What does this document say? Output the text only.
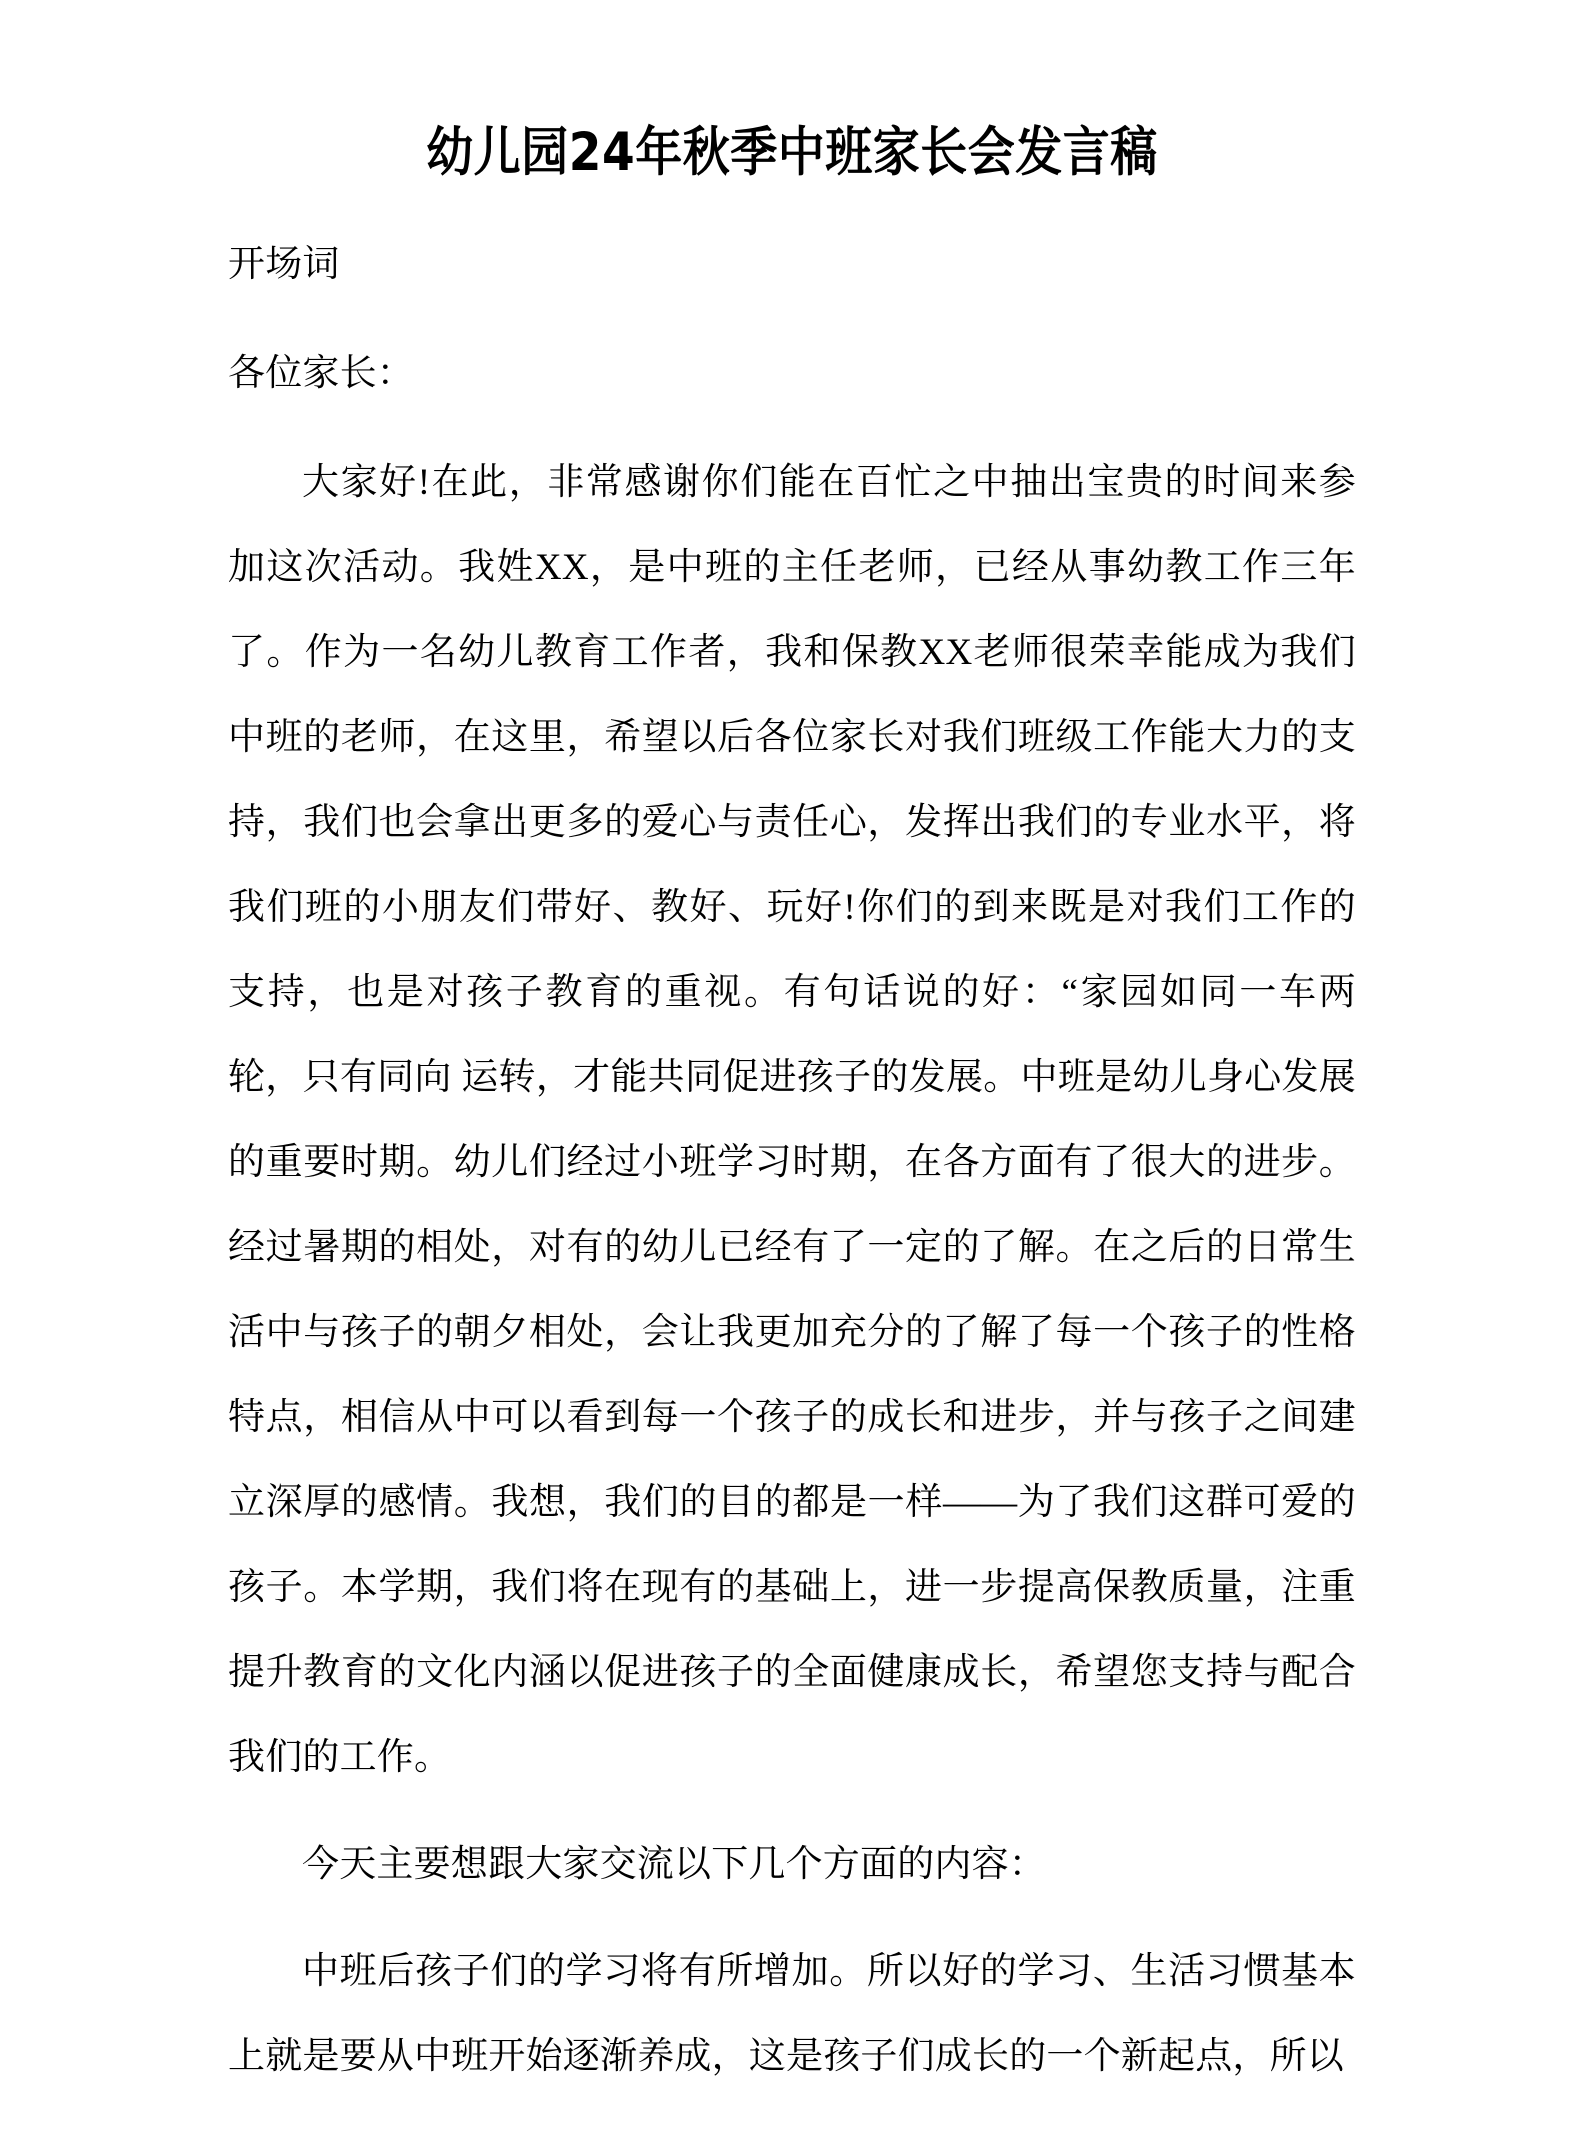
幼儿园24年秋季中班家长会发言稿

开场词

各位家长：

大家好!在此，非常感谢你们能在百忙之中抽出宝贵的时间来参加这次活动。我姓XX，是中班的主任老师，已经从事幼教工作三年了。作为一名幼儿教育工作者，我和保教XX老师很荣幸能成为我们中班的老师，在这里，希望以后各位家长对我们班级工作能大力的支持，我们也会拿出更多的爱心与责任心，发挥出我们的专业水平，将我们班的小朋友们带好、教好、玩好!你们的到来既是对我们工作的支持，也是对孩子教育的重视。有句话说的好：“家园如同一车两轮，只有同向 运转，才能共同促进孩子的发展。中班是幼儿身心发展的重要时期。幼儿们经过小班学习时期，在各方面有了很大的进步。经过暑期的相处，对有的幼儿已经有了一定的了解。在之后的日常生活中与孩子的朝夕相处，会让我更加充分的了解了每一个孩子的性格特点，相信从中可以看到每一个孩子的成长和进步，并与孩子之间建 立深厚的感情。我想，我们的目的都是一样——为了我们这群可爱的孩子。本学期，我们将在现有的基础上，进一步提高保教质量，注重提升教育的文化内涵以促进孩子的全面健康成长，希望您支持与配合我们的工作。

今天主要想跟大家交流以下几个方面的内容：

中班后孩子们的学习将有所增加。所以好的学习、生活习惯基本上就是要从中班开始逐渐养成，这是孩子们成长的一个新起点，所以
